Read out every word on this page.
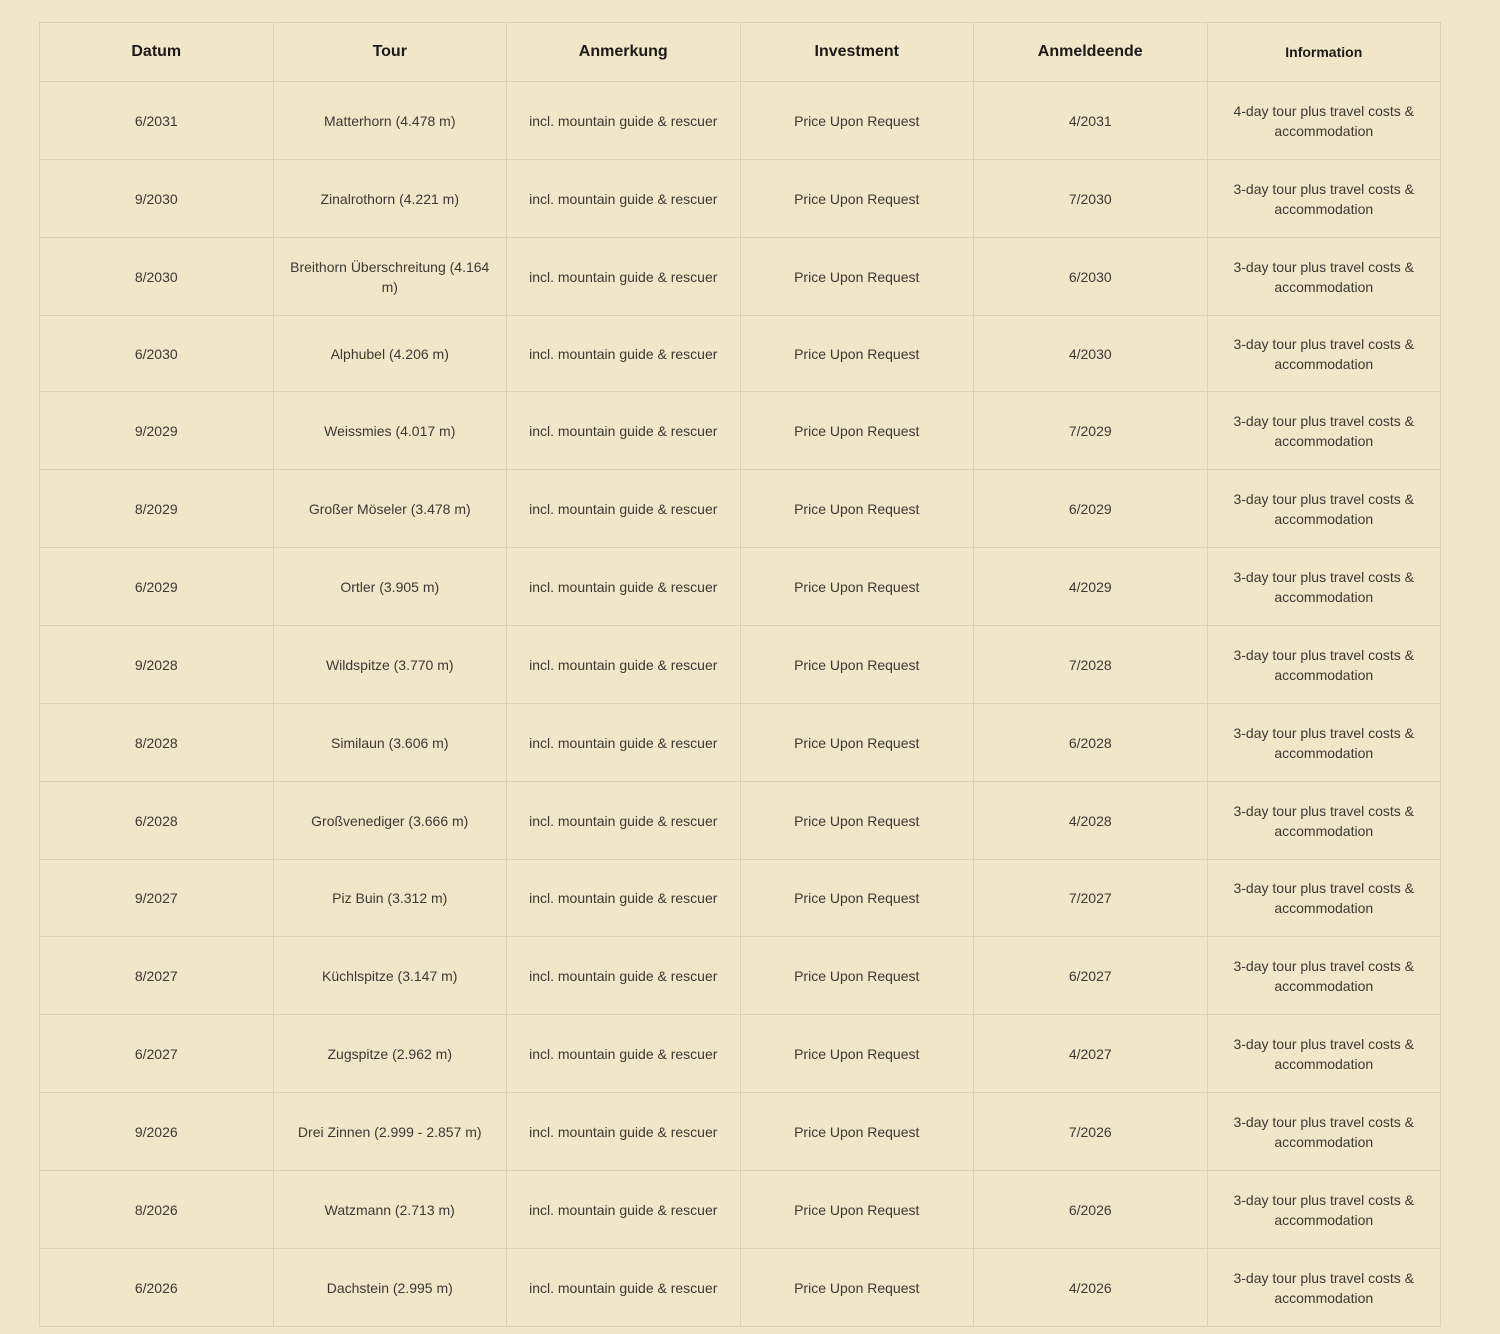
Datum	Tour	Anmerkung	Investment	Anmeldeende	Information
6/2031	Matterhorn (4.478 m)	incl. mountain guide & rescuer	Price Upon Request	4/2031	4-day tour plus travel costs & accommodation
9/2030	Zinalrothorn (4.221 m)	incl. mountain guide & rescuer	Price Upon Request	7/2030	3-day tour plus travel costs & accommodation
8/2030	Breithorn Überschreitung (4.164 m)	incl. mountain guide & rescuer	Price Upon Request	6/2030	3-day tour plus travel costs & accommodation
6/2030	Alphubel (4.206 m)	incl. mountain guide & rescuer	Price Upon Request	4/2030	3-day tour plus travel costs & accommodation
9/2029	Weissmies (4.017 m)	incl. mountain guide & rescuer	Price Upon Request	7/2029	3-day tour plus travel costs & accommodation
8/2029	Großer Möseler (3.478 m)	incl. mountain guide & rescuer	Price Upon Request	6/2029	3-day tour plus travel costs & accommodation
6/2029	Ortler (3.905 m)	incl. mountain guide & rescuer	Price Upon Request	4/2029	3-day tour plus travel costs & accommodation
9/2028	Wildspitze (3.770 m)	incl. mountain guide & rescuer	Price Upon Request	7/2028	3-day tour plus travel costs & accommodation
8/2028	Similaun (3.606 m)	incl. mountain guide & rescuer	Price Upon Request	6/2028	3-day tour plus travel costs & accommodation
6/2028	Großvenediger (3.666 m)	incl. mountain guide & rescuer	Price Upon Request	4/2028	3-day tour plus travel costs & accommodation
9/2027	Piz Buin (3.312 m)	incl. mountain guide & rescuer	Price Upon Request	7/2027	3-day tour plus travel costs & accommodation
8/2027	Küchlspitze (3.147 m)	incl. mountain guide & rescuer	Price Upon Request	6/2027	3-day tour plus travel costs & accommodation
6/2027	Zugspitze (2.962 m)	incl. mountain guide & rescuer	Price Upon Request	4/2027	3-day tour plus travel costs & accommodation
9/2026	Drei Zinnen (2.999 - 2.857 m)	incl. mountain guide & rescuer	Price Upon Request	7/2026	3-day tour plus travel costs & accommodation
8/2026	Watzmann (2.713 m)	incl. mountain guide & rescuer	Price Upon Request	6/2026	3-day tour plus travel costs & accommodation
6/2026	Dachstein (2.995 m)	incl. mountain guide & rescuer	Price Upon Request	4/2026	3-day tour plus travel costs & accommodation
